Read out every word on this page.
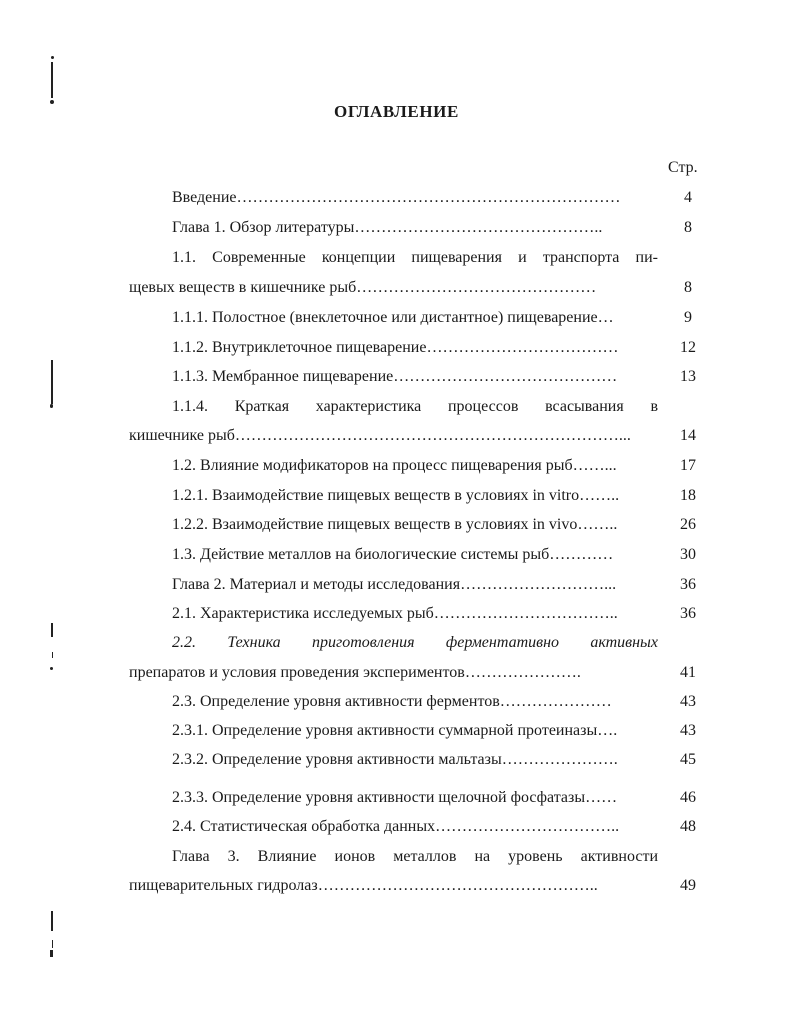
ОГЛАВЛЕНИЕ
Стр.
Введение………………………………………………………………	4
Глава 1. Обзор литературы………………………………………..	8
1.1. Современные концепции пищеварения и транспорта пи-
щевых веществ в кишечнике рыб………………………………………	8
1.1.1. Полостное (внеклеточное или дистантное) пищеварение…	9
1.1.2. Внутриклеточное пищеварение………………………………	12
1.1.3. Мембранное пищеварение……………………………………	13
1.1.4. Краткая характеристика процессов всасывания в
кишечнике рыб………………………………………………………………...	14
1.2. Влияние модификаторов на процесс пищеварения рыб……...	17
1.2.1. Взаимодействие пищевых веществ в условиях in vitro……..	18
1.2.2. Взаимодействие пищевых веществ в условиях in vivo……..	26
1.3. Действие металлов на биологические системы рыб…………	30
Глава 2. Материал и методы исследования………………………...	36
2.1. Характеристика исследуемых рыб……………………………..	36
2.2. Техника приготовления ферментативно активных
препаратов и условия проведения экспериментов………………….	41
2.3. Определение уровня активности ферментов…………………	43
2.3.1. Определение уровня активности суммарной протеиназы….	43
2.3.2. Определение уровня активности мальтазы………………….	45
2.3.3. Определение уровня активности щелочной фосфатазы……	46
2.4. Статистическая обработка данных……………………………..	48
Глава 3. Влияние ионов металлов на уровень активности
пищеварительных гидролаз……………………………………………..	49
